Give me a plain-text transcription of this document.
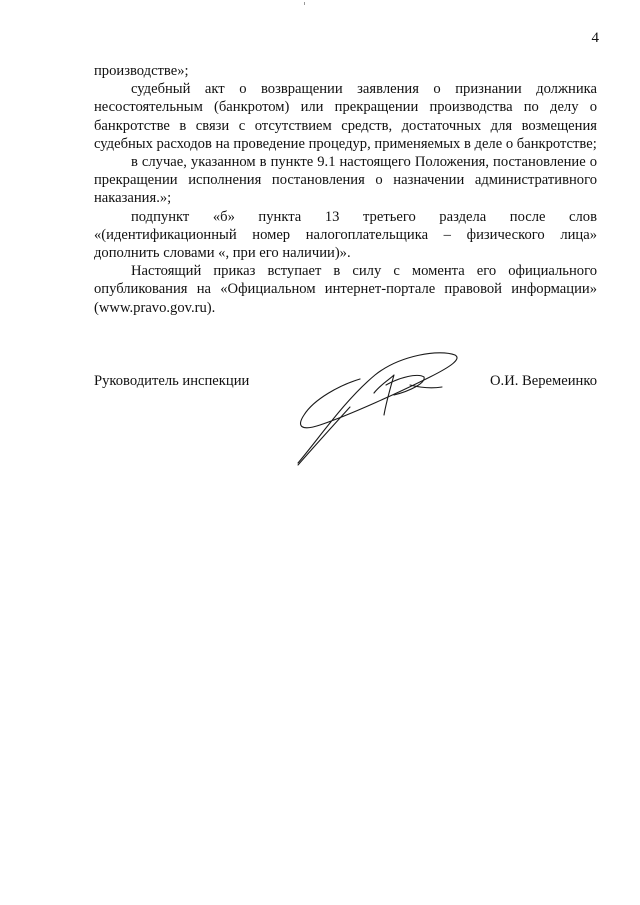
4

производстве»;

судебный акт о возвращении заявления о признании должника несостоятельным (банкротом) или прекращении производства по делу о банкротстве в связи с отсутствием средств, достаточных для возмещения судебных расходов на проведение процедур, применяемых в деле о банкротстве;

в случае, указанном в пункте 9.1 настоящего Положения, постановление о прекращении исполнения постановления о назначении административного наказания.»;

подпункт «б» пункта 13 третьего раздела после слов «(идентификационный номер налогоплательщика – физического лица» дополнить словами «, при его наличии)».

Настоящий приказ вступает в силу с момента его официального опубликования на «Официальном интернет-портале правовой информации» (www.pravo.gov.ru).

Руководитель инспекции	О.И. Веремеинко
